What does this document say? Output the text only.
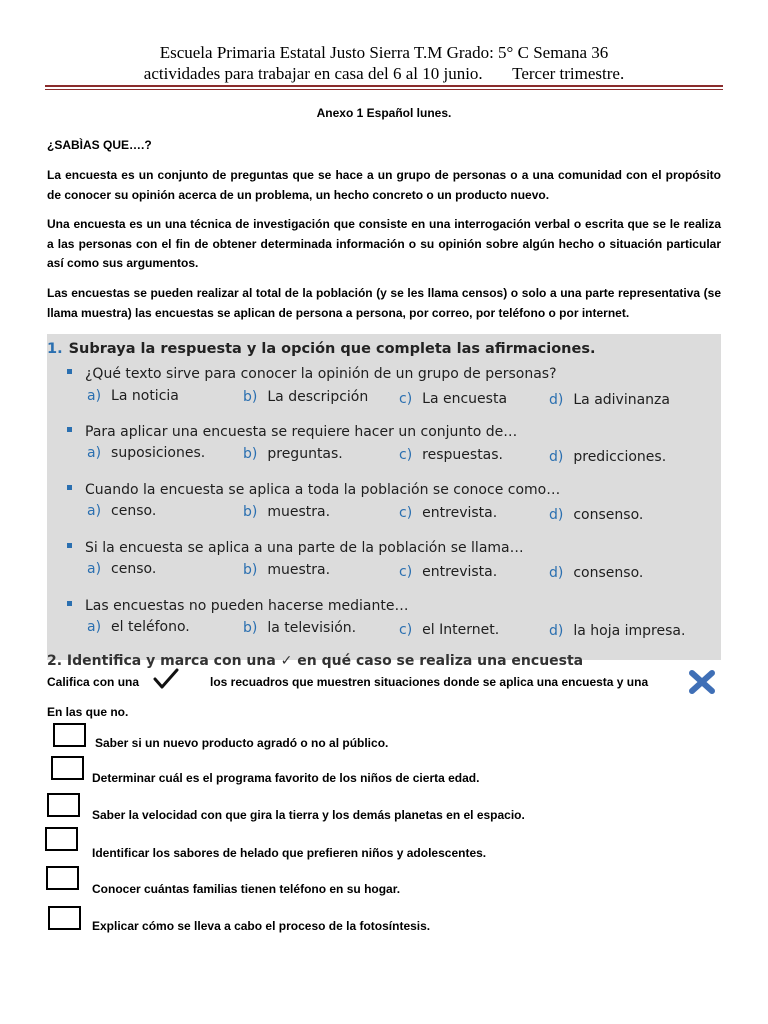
Escuela Primaria Estatal Justo Sierra T.M Grado: 5° C Semana 36
actividades para trabajar en casa del 6 al 10 junio.       Tercer trimestre.
Anexo 1 Español lunes.
¿SABÌAS QUE….?
La encuesta es un conjunto de preguntas que se hace a un grupo de personas o a una comunidad con el propósito de conocer su opinión acerca de un problema, un hecho concreto o un producto nuevo.
Una encuesta es un una técnica de investigación que consiste en una interrogación verbal o escrita que se le realiza a las personas con el fin de obtener determinada información o su opinión sobre algún hecho o situación particular así como sus argumentos.
Las encuestas se pueden realizar al total de la población (y se les llama censos) o solo a una parte representativa (se llama muestra) las encuestas se aplican de persona a persona, por correo, por teléfono o por internet.
1. Subraya la respuesta y la opción que completa las afirmaciones.
¿Qué texto sirve para conocer la opinión de un grupo de personas?
a) La noticia	b) La descripción c) La encuesta	d) La adivinanza
Para aplicar una encuesta se requiere hacer un conjunto de…
a) suposiciones.	b) preguntas.	c) respuestas.	d) predicciones.
Cuando la encuesta se aplica a toda la población se conoce como…
a) censo.	b) muestra.	c) entrevista.	d) consenso.
Si la encuesta se aplica a una parte de la población se llama…
a) censo.	b) muestra.	c) entrevista.	d) consenso.
Las encuestas no pueden hacerse mediante…
a) el teléfono.	b) la televisión.	c) el Internet.	d) la hoja impresa.
2. Identifica y marca con una ✓ en qué caso se realiza una encuesta
Califica con una	los recuadros que muestren situaciones donde se aplica una encuesta y una
En las que no.
Saber si un nuevo producto agradó o no al público.
Determinar cuál es el programa favorito de los niños de cierta edad.
Saber la velocidad con que gira la tierra y los demás planetas en el espacio.
Identificar los sabores de helado que prefieren niños y adolescentes.
Conocer cuántas familias tienen teléfono en su hogar.
Explicar cómo se lleva a cabo el proceso de la fotosíntesis.
